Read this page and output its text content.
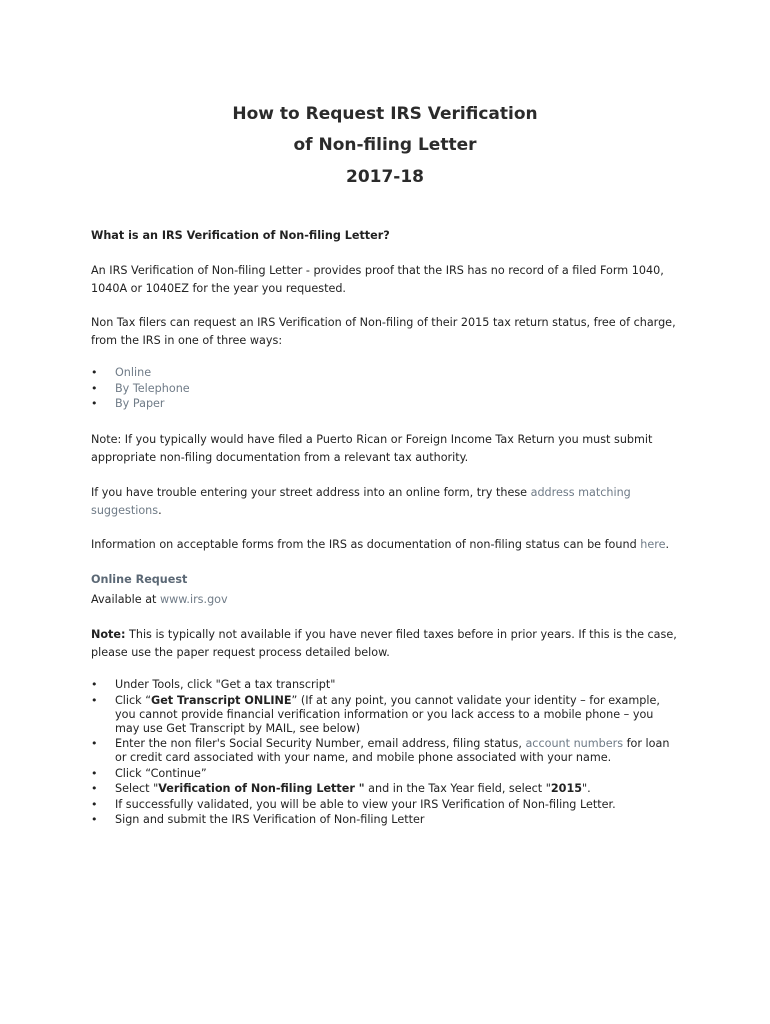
How to Request IRS Verification
of Non-filing Letter
2017-18
What is an IRS Verification of Non-filing Letter?
An IRS Verification of Non-filing Letter - provides proof that the IRS has no record of a filed Form 1040, 1040A or 1040EZ for the year you requested.
Non Tax filers can request an IRS Verification of Non-filing of their 2015 tax return status, free of charge, from the IRS in one of three ways:
• Online
• By Telephone
• By Paper
Note: If you typically would have filed a Puerto Rican or Foreign Income Tax Return you must submit appropriate non-filing documentation from a relevant tax authority.
If you have trouble entering your street address into an online form, try these address matching suggestions.
Information on acceptable forms from the IRS as documentation of non-filing status can be found here.
Online Request
Available at www.irs.gov
Note: This is typically not available if you have never filed taxes before in prior years. If this is the case, please use the paper request process detailed below.
• Under Tools, click "Get a tax transcript"
• Click “Get Transcript ONLINE” (If at any point, you cannot validate your identity – for example, you cannot provide financial verification information or you lack access to a mobile phone – you may use Get Transcript by MAIL, see below)
• Enter the non filer's Social Security Number, email address, filing status, account numbers for loan or credit card associated with your name, and mobile phone associated with your name.
• Click “Continue”
• Select "Verification of Non-filing Letter " and in the Tax Year field, select "2015".
• If successfully validated, you will be able to view your IRS Verification of Non-filing Letter.
• Sign and submit the IRS Verification of Non-filing Letter
